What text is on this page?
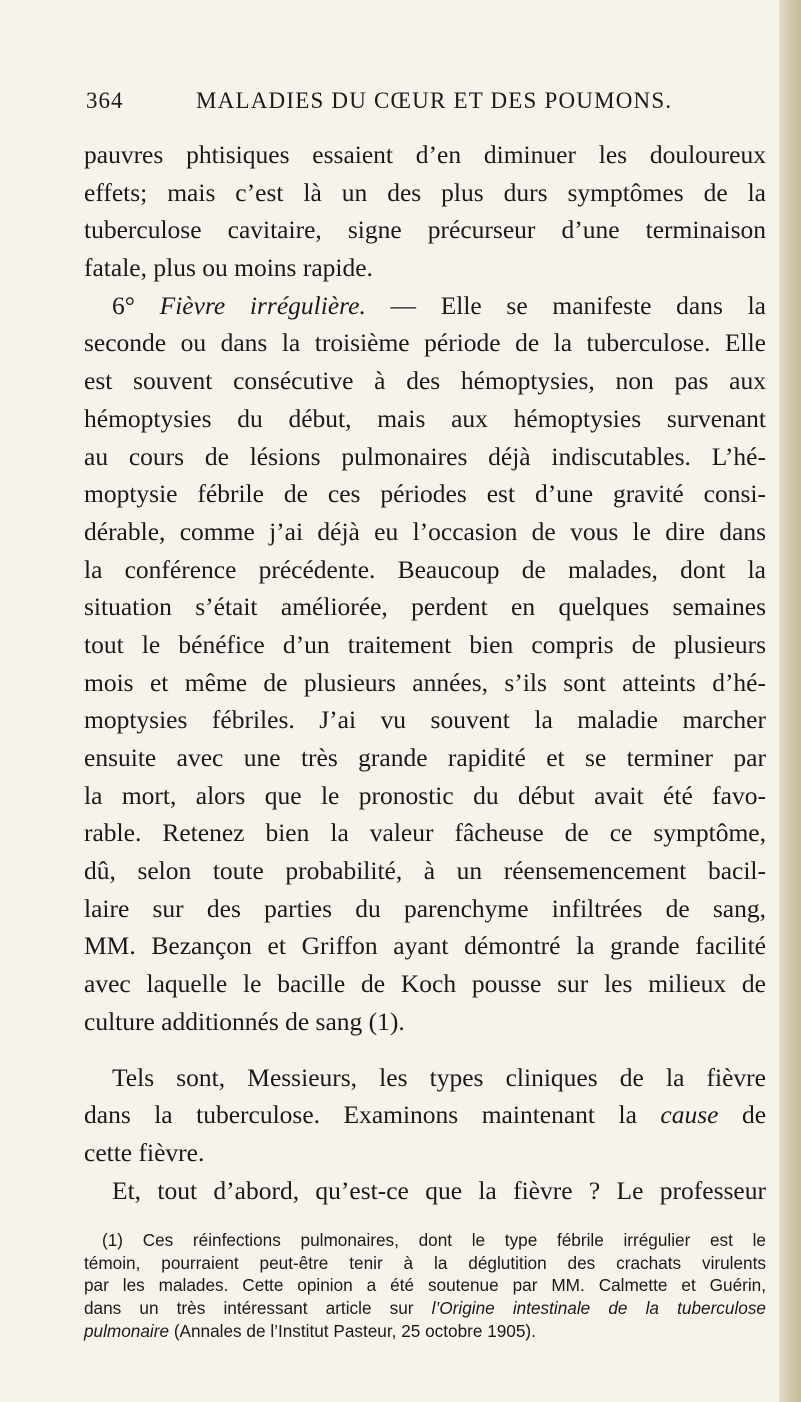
364	MALADIES DU CŒUR ET DES POUMONS.
pauvres phtisiques essaient d’en diminuer les douloureux
effets; mais c’est là un des plus durs symptômes de la
tuberculose cavitaire, signe précurseur d’une terminaison
fatale, plus ou moins rapide.
6° Fièvre irrégulière. — Elle se manifeste dans la
seconde ou dans la troisième période de la tuberculose. Elle
est souvent consécutive à des hémoptysies, non pas aux
hémoptysies du début, mais aux hémoptysies survenant
au cours de lésions pulmonaires déjà indiscutables. L’hé-
moptysie fébrile de ces périodes est d’une gravité consi-
dérable, comme j’ai déjà eu l’occasion de vous le dire dans
la conférence précédente. Beaucoup de malades, dont la
situation s’était améliorée, perdent en quelques semaines
tout le bénéfice d’un traitement bien compris de plusieurs
mois et même de plusieurs années, s’ils sont atteints d’hé-
moptysies fébriles. J’ai vu souvent la maladie marcher
ensuite avec une très grande rapidité et se terminer par
la mort, alors que le pronostic du début avait été favo-
rable. Retenez bien la valeur fâcheuse de ce symptôme,
dû, selon toute probabilité, à un réensemencement bacil-
laire sur des parties du parenchyme infiltrées de sang,
MM. Bezançon et Griffon ayant démontré la grande facilité
avec laquelle le bacille de Koch pousse sur les milieux de
culture additionnés de sang (1).
Tels sont, Messieurs, les types cliniques de la fièvre
dans la tuberculose. Examinons maintenant la cause de
cette fièvre.
Et, tout d’abord, qu’est-ce que la fièvre ? Le professeur
(1) Ces réinfections pulmonaires, dont le type fébrile irrégulier est le
témoin, pourraient peut-être tenir à la déglutition des crachats virulents
par les malades. Cette opinion a été soutenue par MM. Calmette et Guérin,
dans un très intéressant article sur l’Origine intestinale de la tuberculose
pulmonaire (Annales de l’Institut Pasteur, 25 octobre 1905).
